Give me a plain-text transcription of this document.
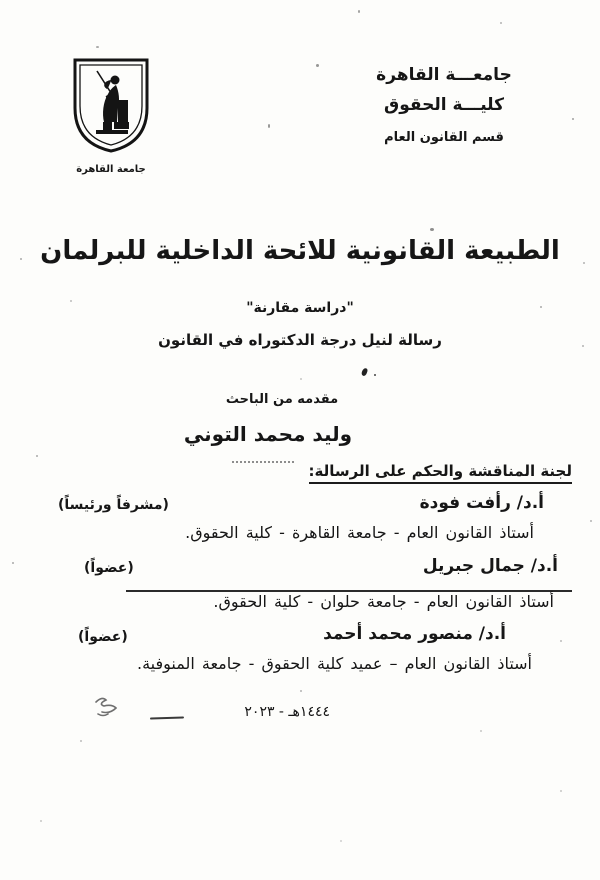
جامعـــة القاهرة
كليـــة الحقوق
قسم القانون العام
جامعة القاهرة
الطبيعة القانونية للائحة الداخلية للبرلمان
"دراسة مقارنة"
رسالة لنيل درجة الدكتوراه في القانون
مقدمه من الباحث
وليد محمد التوني
لجنة المناقشة والحكم على الرسالة:
أ.د/ رأفت فودة
(مشرفاً ورئيساً)
أستاذ القانون العام - جامعة القاهرة - كلية الحقوق.
أ.د/ جمال جبريل
(عضواً)
أستاذ القانون العام - جامعة حلوان - كلية الحقوق.
أ.د/ منصور محمد أحمد
(عضواً)
أستاذ القانون العام – عميد كلية الحقوق - جامعة المنوفية.
١٤٤٤هـ - ٢٠٢٣
